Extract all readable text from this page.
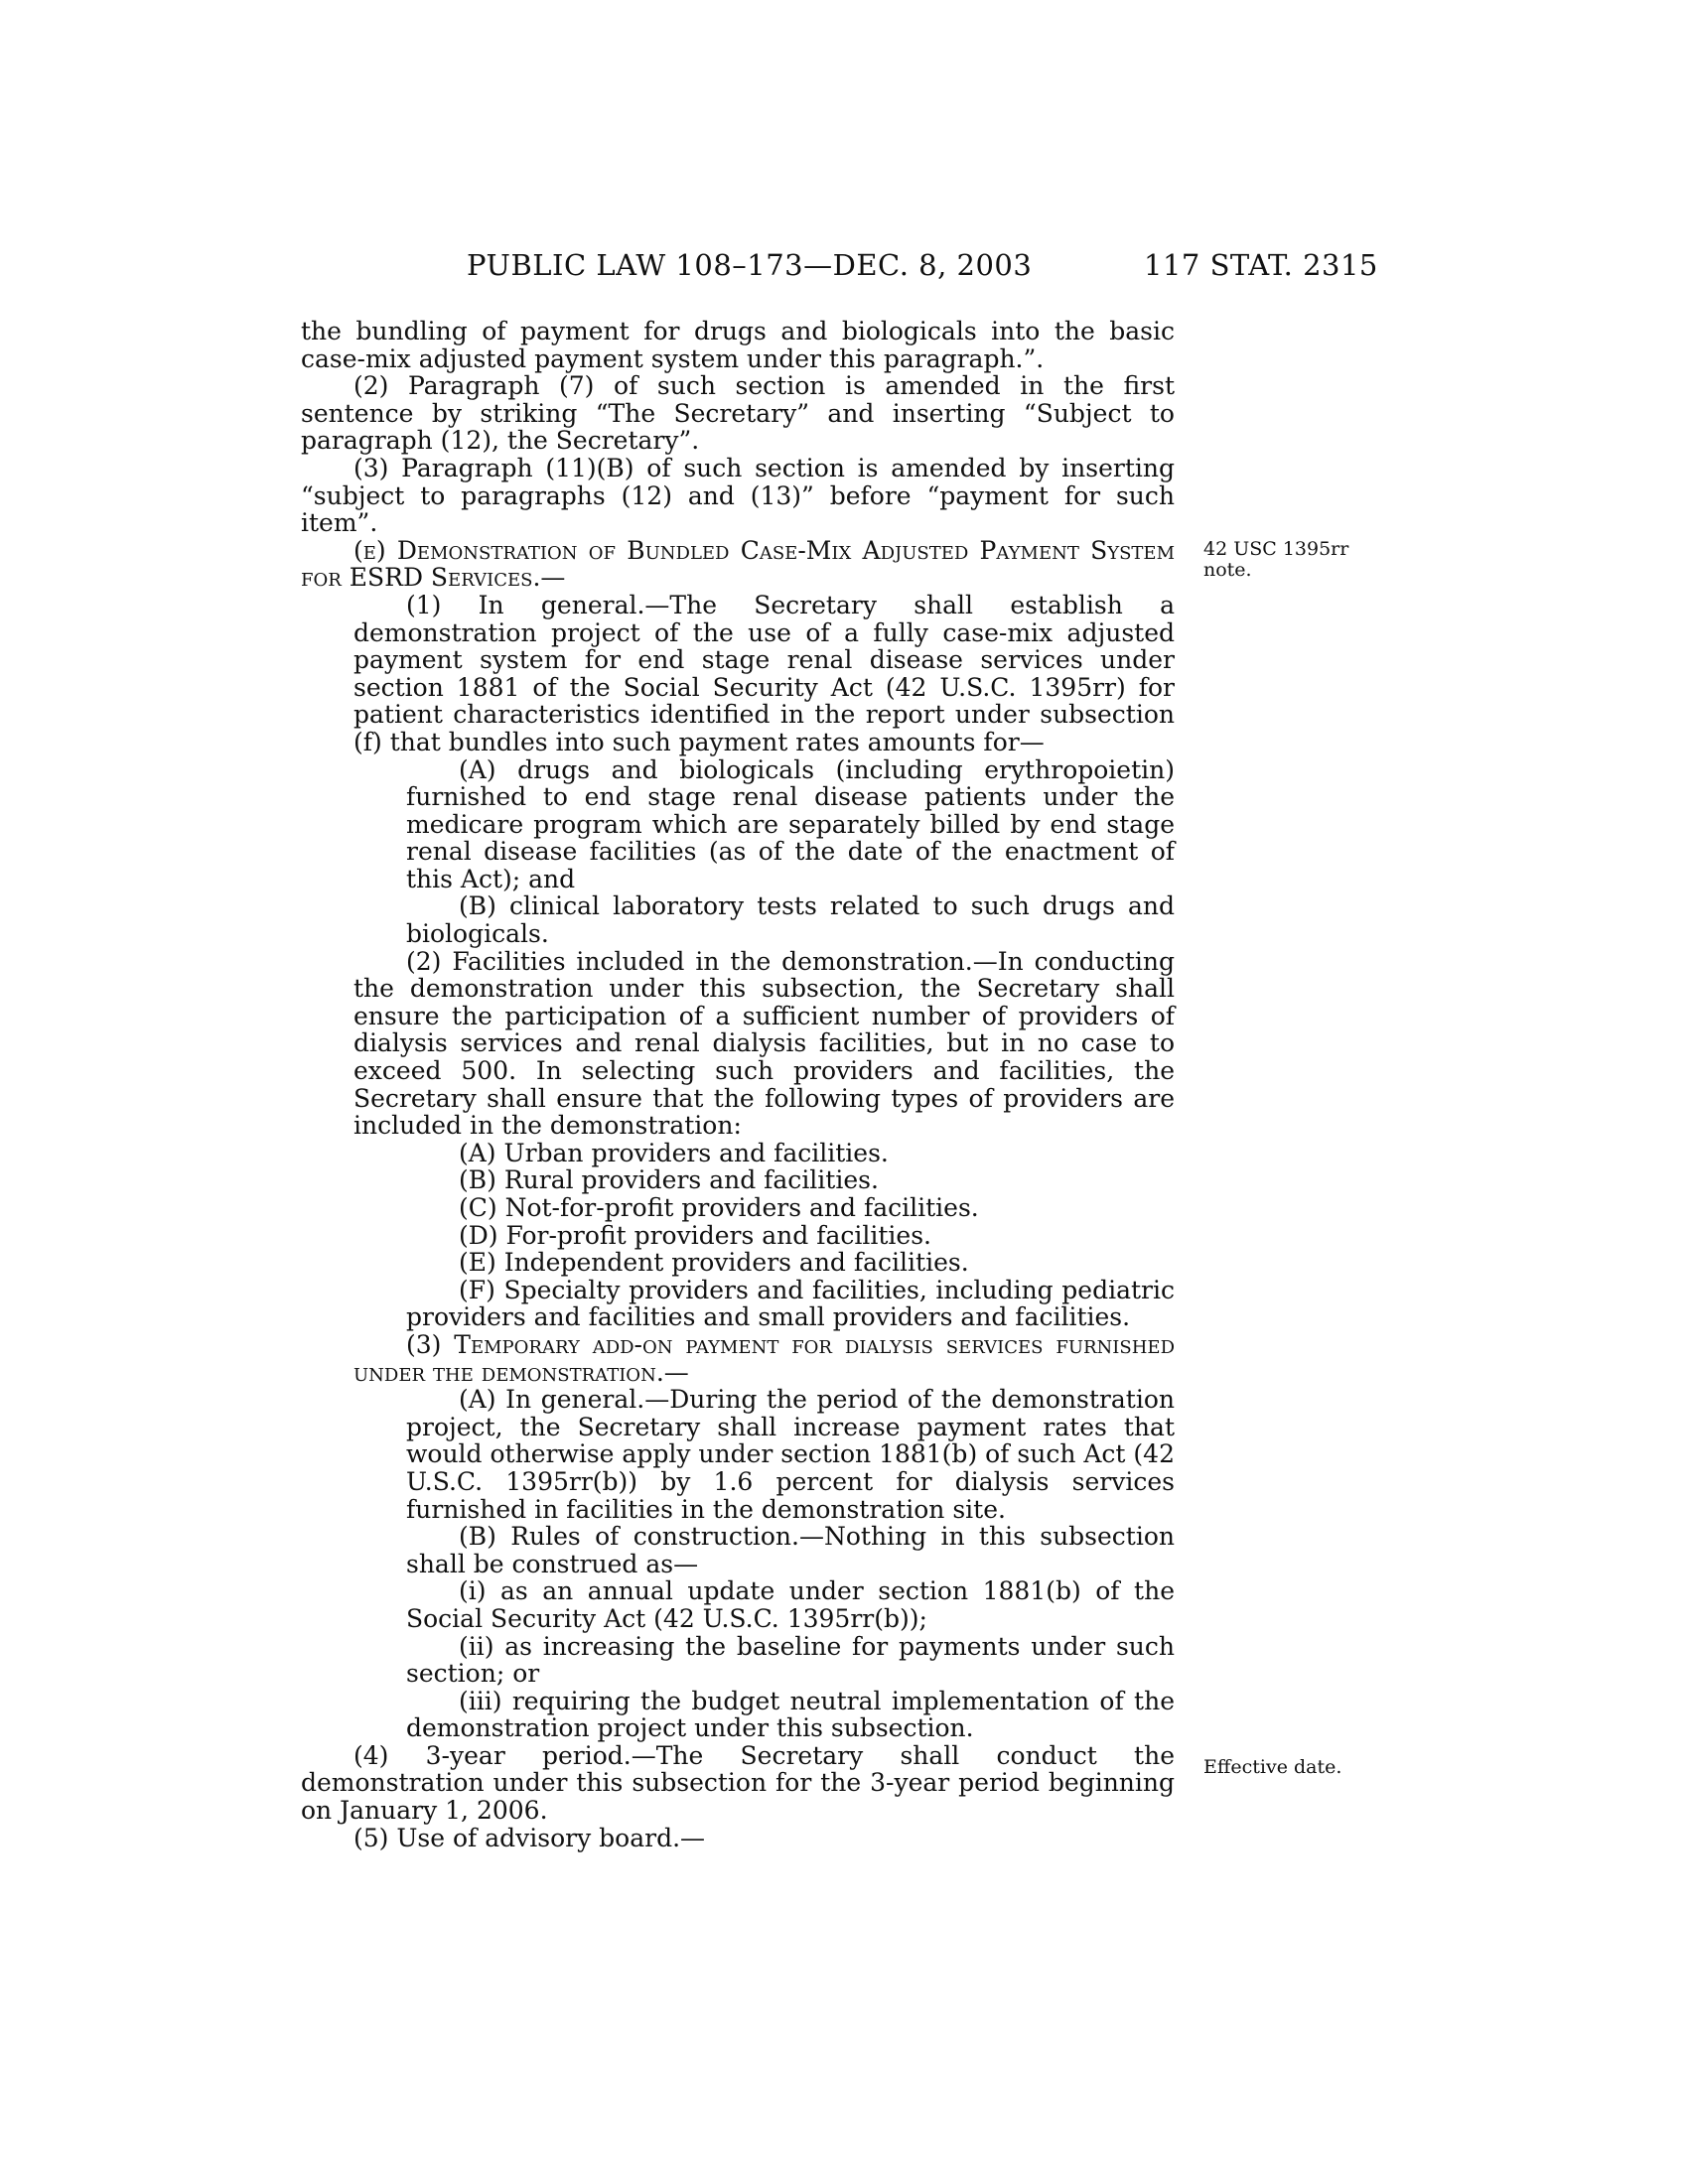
PUBLIC LAW 108–173—DEC. 8, 2003	117 STAT. 2315

the bundling of payment for drugs and biologicals into the basic case-mix adjusted payment system under this paragraph.”.

(2) Paragraph (7) of such section is amended in the first sentence by striking “The Secretary” and inserting “Subject to paragraph (12), the Secretary”.

(3) Paragraph (11)(B) of such section is amended by inserting “subject to paragraphs (12) and (13)” before “payment for such item”.

(e) Demonstration of Bundled Case-Mix Adjusted Payment System for ESRD Services.—

(1) In general.—The Secretary shall establish a demonstration project of the use of a fully case-mix adjusted payment system for end stage renal disease services under section 1881 of the Social Security Act (42 U.S.C. 1395rr) for patient characteristics identified in the report under subsection (f) that bundles into such payment rates amounts for—

(A) drugs and biologicals (including erythropoietin) furnished to end stage renal disease patients under the medicare program which are separately billed by end stage renal disease facilities (as of the date of the enactment of this Act); and

(B) clinical laboratory tests related to such drugs and biologicals.

(2) Facilities included in the demonstration.—In conducting the demonstration under this subsection, the Secretary shall ensure the participation of a sufficient number of providers of dialysis services and renal dialysis facilities, but in no case to exceed 500. In selecting such providers and facilities, the Secretary shall ensure that the following types of providers are included in the demonstration:

(A) Urban providers and facilities.

(B) Rural providers and facilities.

(C) Not-for-profit providers and facilities.

(D) For-profit providers and facilities.

(E) Independent providers and facilities.

(F) Specialty providers and facilities, including pediatric providers and facilities and small providers and facilities.

(3) Temporary add-on payment for dialysis services furnished under the demonstration.—

(A) In general.—During the period of the demonstration project, the Secretary shall increase payment rates that would otherwise apply under section 1881(b) of such Act (42 U.S.C. 1395rr(b)) by 1.6 percent for dialysis services furnished in facilities in the demonstration site.

(B) Rules of construction.—Nothing in this subsection shall be construed as—

(i) as an annual update under section 1881(b) of the Social Security Act (42 U.S.C. 1395rr(b));

(ii) as increasing the baseline for payments under such section; or

(iii) requiring the budget neutral implementation of the demonstration project under this subsection.

(4) 3-year period.—The Secretary shall conduct the demonstration under this subsection for the 3-year period beginning on January 1, 2006.

(5) Use of advisory board.—

42 USC 1395rr note.
Effective date.
